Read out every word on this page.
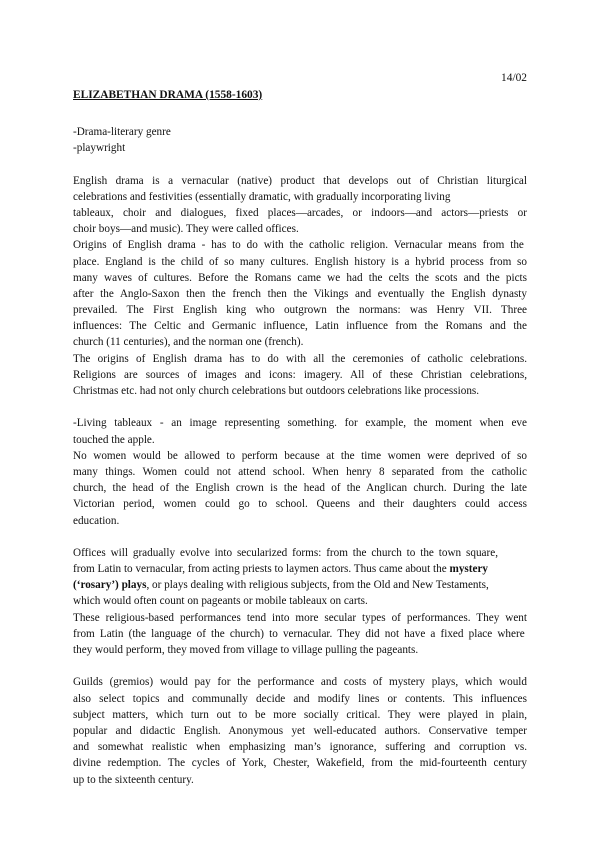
14/02
ELIZABETHAN DRAMA (1558-1603)
-Drama-literary genre
-playwright
English drama is a vernacular (native) product that develops out of Christian liturgical
celebrations and festivities (essentially dramatic, with gradually incorporating living
tableaux, choir and dialogues, fixed places—arcades, or indoors—and actors—priests or
choir boys—and music). They were called offices.
Origins of English drama - has to do with the catholic religion. Vernacular means from the
place. England is the child of so many cultures. English history is a hybrid process from so
many waves of cultures. Before the Romans came we had the celts the scots and the picts
after the Anglo-Saxon then the french then the Vikings and eventually the English dynasty
prevailed. The First English king who outgrown the normans: was Henry VII. Three
influences: The Celtic and Germanic influence, Latin influence from the Romans and the
church (11 centuries), and the norman one (french).
The origins of English drama has to do with all the ceremonies of catholic celebrations.
Religions are sources of images and icons: imagery. All of these Christian celebrations,
Christmas etc. had not only church celebrations but outdoors celebrations like processions.
-Living tableaux - an image representing something. for example, the moment when eve
touched the apple.
No women would be allowed to perform because at the time women were deprived of so
many things. Women could not attend school. When henry 8 separated from the catholic
church, the head of the English crown is the head of the Anglican church. During the late
Victorian period, women could go to school. Queens and their daughters could access
education.
Offices will gradually evolve into secularized forms: from the church to the town square,
from Latin to vernacular, from acting priests to laymen actors. Thus came about the mystery
(‘rosary’) plays, or plays dealing with religious subjects, from the Old and New Testaments,
which would often count on pageants or mobile tableaux on carts.
These religious-based performances tend into more secular types of performances. They went
from Latin (the language of the church) to vernacular. They did not have a fixed place where
they would perform, they moved from village to village pulling the pageants.
Guilds (gremios) would pay for the performance and costs of mystery plays, which would
also select topics and communally decide and modify lines or contents. This influences
subject matters, which turn out to be more socially critical. They were played in plain,
popular and didactic English. Anonymous yet well-educated authors. Conservative temper
and somewhat realistic when emphasizing man’s ignorance, suffering and corruption vs.
divine redemption. The cycles of York, Chester, Wakefield, from the mid-fourteenth century
up to the sixteenth century.
